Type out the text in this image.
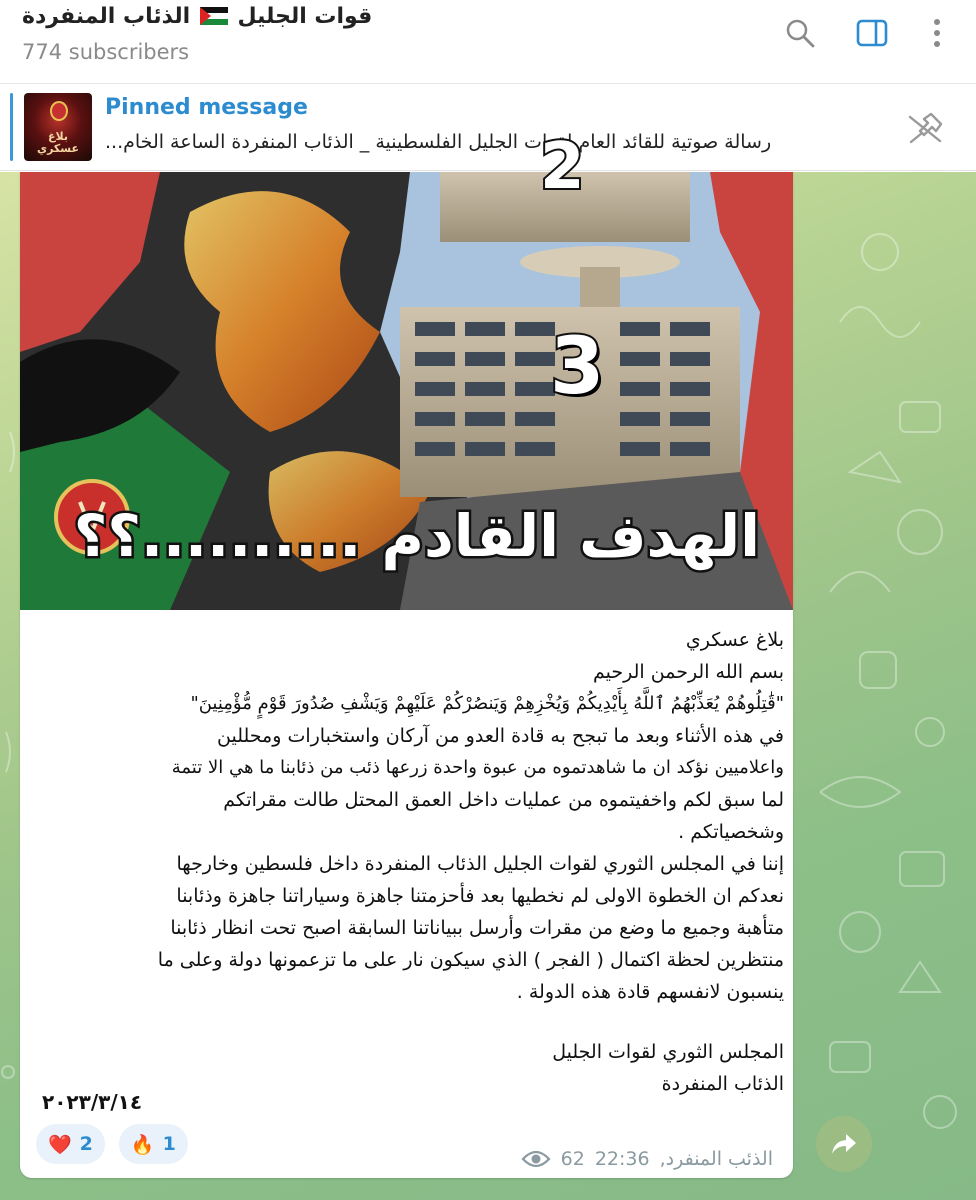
قوات الجليل  الذئاب المنفردة
774 subscribers
بلاغ
عسكري
Pinned message
...رسالة صوتية للقائد العام لقوات الجليل الفلسطينية _ الذئاب المنفردة الساعة الخام
2
3
الهدف القادم ..........؟؟

بلاغ عسكري

بسم الله الرحمن الرحيم

"قَٰتِلُوهُمْ يُعَذِّبْهُمُ ٱللَّهُ بِأَيْدِيكُمْ وَيُخْزِهِمْ وَيَنصُرْكُمْ عَلَيْهِمْ وَيَشْفِ صُدُورَ قَوْمٍ مُّؤْمِنِينَ"

في هذه الأثناء وبعد ما تبجح به قادة العدو من آركان واستخبارات ومحللين

واعلاميين نؤكد ان ما شاهدتموه من عبوة واحدة زرعها ذئب من ذئابنا ما هي الا تتمة

لما سبق لكم واخفيتموه من عمليات داخل العمق المحتل طالت مقراتكم

وشخصياتكم .

إننا في المجلس الثوري لقوات الجليل الذئاب المنفردة داخل فلسطين وخارجها

نعدكم ان الخطوة الاولى لم نخطيها بعد فأحزمتنا جاهزة وسياراتنا جاهزة وذئابنا

متأهبة وجميع ما وضع من مقرات وأرسل ببياناتنا السابقة اصبح تحت انظار ذئابنا

منتظرين لحظة اكتمال ( الفجر ) الذي سيكون نار على ما تزعمونها دولة وعلى ما

ينسبون لانفسهم قادة هذه الدولة .

المجلس الثوري لقوات الجليل

الذئاب المنفردة

٢٠٢٣/٣/١٤
❤️ 2 🔥 1
62 22:36 الذئب المنفرد,
